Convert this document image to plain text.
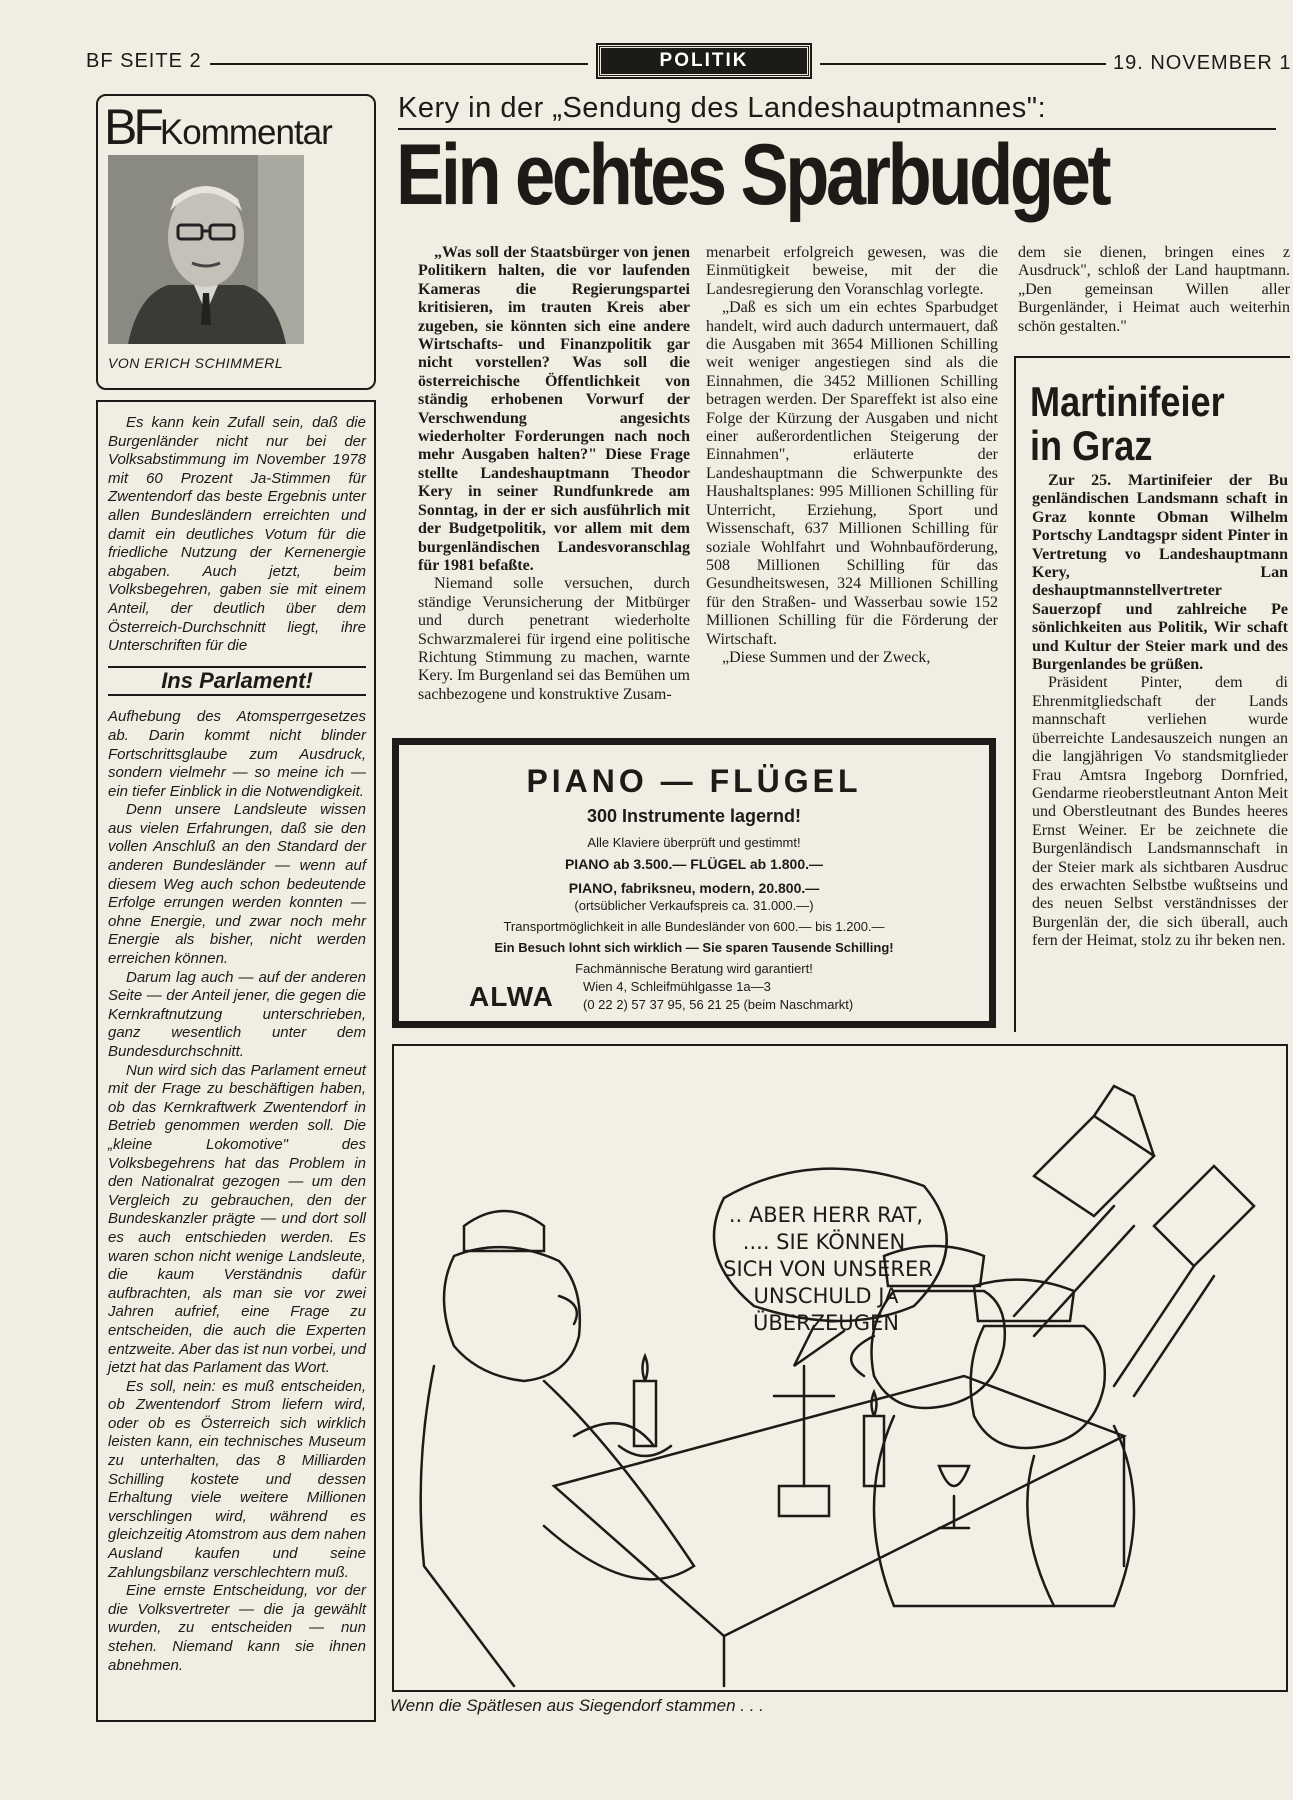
BF SEITE 2	POLITIK	19. NOVEMBER 1
BFKommentar
VON ERICH SCHIMMERL

Es kann kein Zufall sein, daß die Burgenländer nicht nur bei der Volksabstimmung im November 1978 mit 60 Prozent Ja-Stimmen für Zwentendorf das beste Ergebnis unter allen Bundesländern erreichten und damit ein deutliches Votum für die friedliche Nutzung der Kernenergie abgaben. Auch jetzt, beim Volksbegehren, gaben sie mit einem Anteil, der deutlich über dem Österreich-Durchschnitt liegt, ihre Unterschriften für die

Ins Parlament!

Aufhebung des Atomsperrgesetzes ab. Darin kommt nicht blinder Fortschrittsglaube zum Ausdruck, sondern vielmehr — so meine ich — ein tiefer Einblick in die Notwendigkeit.

Denn unsere Landsleute wissen aus vielen Erfahrungen, daß sie den vollen Anschluß an den Standard der anderen Bundesländer — wenn auf diesem Weg auch schon bedeutende Erfolge errungen werden konnten — ohne Energie, und zwar noch mehr Energie als bisher, nicht werden erreichen können.

Darum lag auch — auf der anderen Seite — der Anteil jener, die gegen die Kernkraftnutzung unterschrieben, ganz wesentlich unter dem Bundesdurchschnitt.

Nun wird sich das Parlament erneut mit der Frage zu beschäftigen haben, ob das Kernkraftwerk Zwentendorf in Betrieb genommen werden soll. Die „kleine Lokomotive" des Volksbegehrens hat das Problem in den Nationalrat gezogen — um den Vergleich zu gebrauchen, den der Bundeskanzler prägte — und dort soll es auch entschieden werden. Es waren schon nicht wenige Landsleute, die kaum Verständnis dafür aufbrachten, als man sie vor zwei Jahren aufrief, eine Frage zu entscheiden, die auch die Experten entzweite. Aber das ist nun vorbei, und jetzt hat das Parlament das Wort.

Es soll, nein: es muß entscheiden, ob Zwentendorf Strom liefern wird, oder ob es Österreich sich wirklich leisten kann, ein technisches Museum zu unterhalten, das 8 Milliarden Schilling kostete und dessen Erhaltung viele weitere Millionen verschlingen wird, während es gleichzeitig Atomstrom aus dem nahen Ausland kaufen und seine Zahlungsbilanz verschlechtern muß.

Eine ernste Entscheidung, vor der die Volksvertreter — die ja gewählt wurden, zu entscheiden — nun stehen. Niemand kann sie ihnen abnehmen.

Kery in der „Sendung des Landeshauptmannes":
Ein echtes Sparbudget

„Was soll der Staatsbürger von jenen Politikern halten, die vor laufenden Kameras die Regierungspartei kritisieren, im trauten Kreis aber zugeben, sie könnten sich eine andere Wirtschafts- und Finanzpolitik gar nicht vorstellen? Was soll die österreichische Öffentlichkeit von ständig erhobenen Vorwurf der Verschwendung angesichts wiederholter Forderungen nach noch mehr Ausgaben halten?" Diese Frage stellte Landeshauptmann Theodor Kery in seiner Rundfunkrede am Sonntag, in der er sich ausführlich mit der Budgetpolitik, vor allem mit dem burgenländischen Landesvoranschlag für 1981 befaßte.

Niemand solle versuchen, durch ständige Verunsicherung der Mitbürger und durch penetrant wiederholte Schwarzmalerei für irgend eine politische Richtung Stimmung zu machen, warnte Kery. Im Burgenland sei das Bemühen um sachbezogene und konstruktive Zusam-

menarbeit erfolgreich gewesen, was die Einmütigkeit beweise, mit der die Landesregierung den Voranschlag vorlegte.

„Daß es sich um ein echtes Sparbudget handelt, wird auch dadurch untermauert, daß die Ausgaben mit 3654 Millionen Schilling weit weniger angestiegen sind als die Einnahmen, die 3452 Millionen Schilling betragen werden. Der Spareffekt ist also eine Folge der Kürzung der Ausgaben und nicht einer außerordentlichen Steigerung der Einnahmen", erläuterte der Landeshauptmann die Schwerpunkte des Haushaltsplanes: 995 Millionen Schilling für Unterricht, Erziehung, Sport und Wissenschaft, 637 Millionen Schilling für soziale Wohlfahrt und Wohnbauförderung, 508 Millionen Schilling für das Gesundheitswesen, 324 Millionen Schilling für den Straßen- und Wasserbau sowie 152 Millionen Schilling für die Förderung der Wirtschaft.

„Diese Summen und der Zweck,

dem sie dienen, bringen eines z Ausdruck", schloß der Land hauptmann. „Den gemeinsan Willen aller Burgenländer, i Heimat auch weiterhin schön gestalten."

Martinifeier
in Graz

Zur 25. Martinifeier der Bu genländischen Landsmann schaft in Graz konnte Obman Wilhelm Portschy Landtagspr sident Pinter in Vertretung vo Landeshauptmann Kery, Lan deshauptmannstellvertreter Sauerzopf und zahlreiche Pe sönlichkeiten aus Politik, Wir schaft und Kultur der Steier mark und des Burgenlandes be grüßen.

Präsident Pinter, dem di Ehrenmitgliedschaft der Lands mannschaft verliehen wurde überreichte Landesauszeich nungen an die langjährigen Vo standsmitglieder Frau Amtsra Ingeborg Dornfried, Gendarme rieoberstleutnant Anton Meit und Oberstleutnant des Bundes heeres Ernst Weiner. Er be zeichnete die Burgenländisch Landsmannschaft in der Steier mark als sichtbaren Ausdruc des erwachten Selbstbe wußtseins und des neuen Selbst verständnisses der Burgenlän der, die sich überall, auch fern der Heimat, stolz zu ihr beken nen.

PIANO — FLÜGEL
300 Instrumente lagernd!
Alle Klaviere überprüft und gestimmt!
PIANO ab 3.500.— FLÜGEL ab 1.800.—
PIANO, fabriksneu, modern, 20.800.—
(ortsüblicher Verkaufspreis ca. 31.000.—)
Transportmöglichkeit in alle Bundesländer von 600.— bis 1.200.—
Ein Besuch lohnt sich wirklich — Sie sparen Tausende Schilling!
Fachmännische Beratung wird garantiert!
ALWA Wien 4, Schleifmühlgasse 1a—3
(0 22 2) 57 37 95, 56 21 25 (beim Naschmarkt)
.. ABER HERR RAT,
.... SIE KÖNNEN
SICH VON UNSERER
UNSCHULD JA
ÜBERZEUGEN
Wenn die Spätlesen aus Siegendorf stammen . . .
